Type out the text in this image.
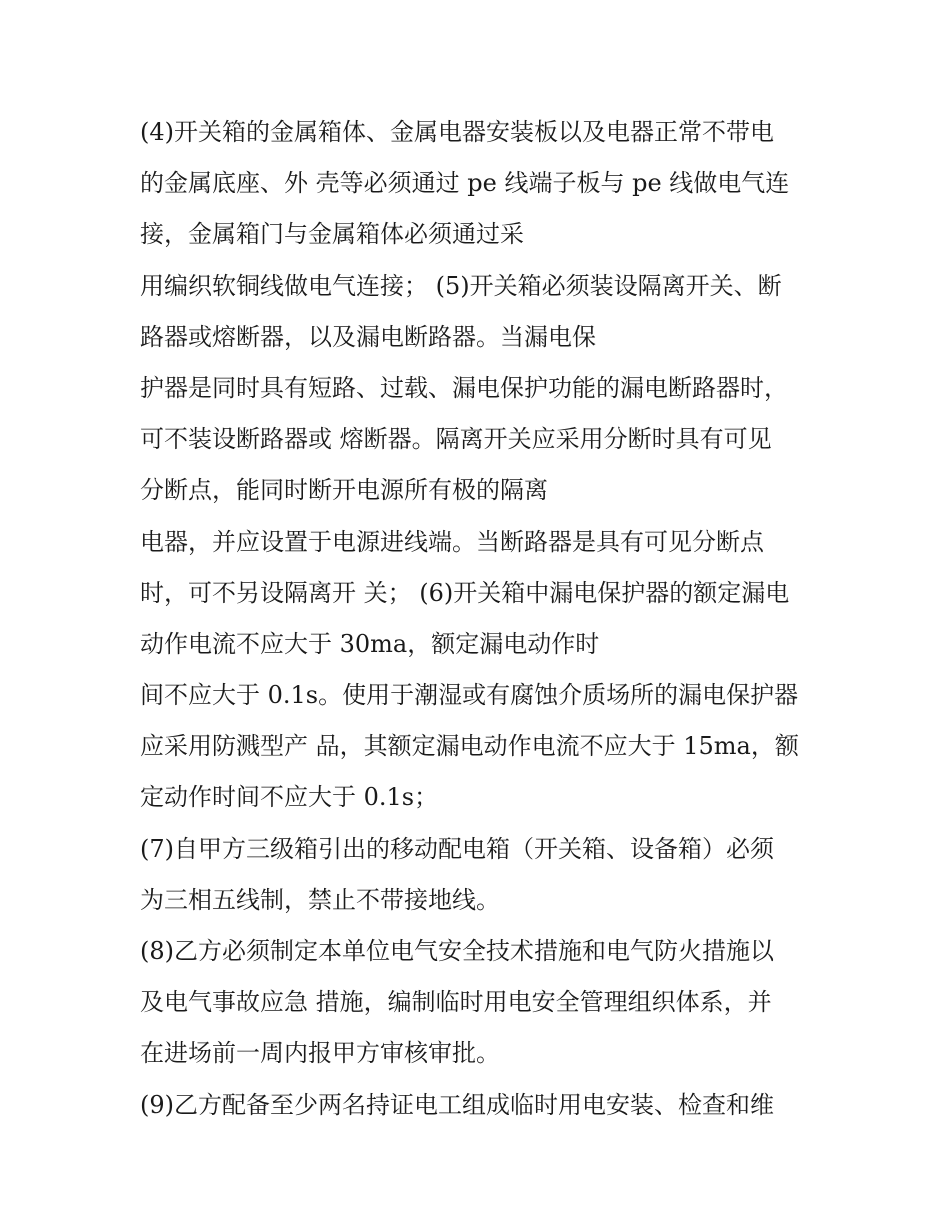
(4)开关箱的金属箱体、金属电器安装板以及电器正常不带电
的金属底座、外 壳等必须通过 pe 线端子板与 pe 线做电气连
接，金属箱门与金属箱体必须通过采
用编织软铜线做电气连接； (5)开关箱必须装设隔离开关、断
路器或熔断器，以及漏电断路器。当漏电保
护器是同时具有短路、过载、漏电保护功能的漏电断路器时，
可不装设断路器或 熔断器。隔离开关应采用分断时具有可见
分断点，能同时断开电源所有极的隔离
电器，并应设置于电源进线端。当断路器是具有可见分断点
时，可不另设隔离开 关； (6)开关箱中漏电保护器的额定漏电
动作电流不应大于 30ma，额定漏电动作时
间不应大于 0.1s。使用于潮湿或有腐蚀介质场所的漏电保护器
应采用防溅型产 品，其额定漏电动作电流不应大于 15ma，额
定动作时间不应大于 0.1s；
(7)自甲方三级箱引出的移动配电箱（开关箱、设备箱）必须
为三相五线制，禁止不带接地线。
(8)乙方必须制定本单位电气安全技术措施和电气防火措施以
及电气事故应急 措施，编制临时用电安全管理组织体系，并
在进场前一周内报甲方审核审批。
(9)乙方配备至少两名持证电工组成临时用电安装、检查和维
